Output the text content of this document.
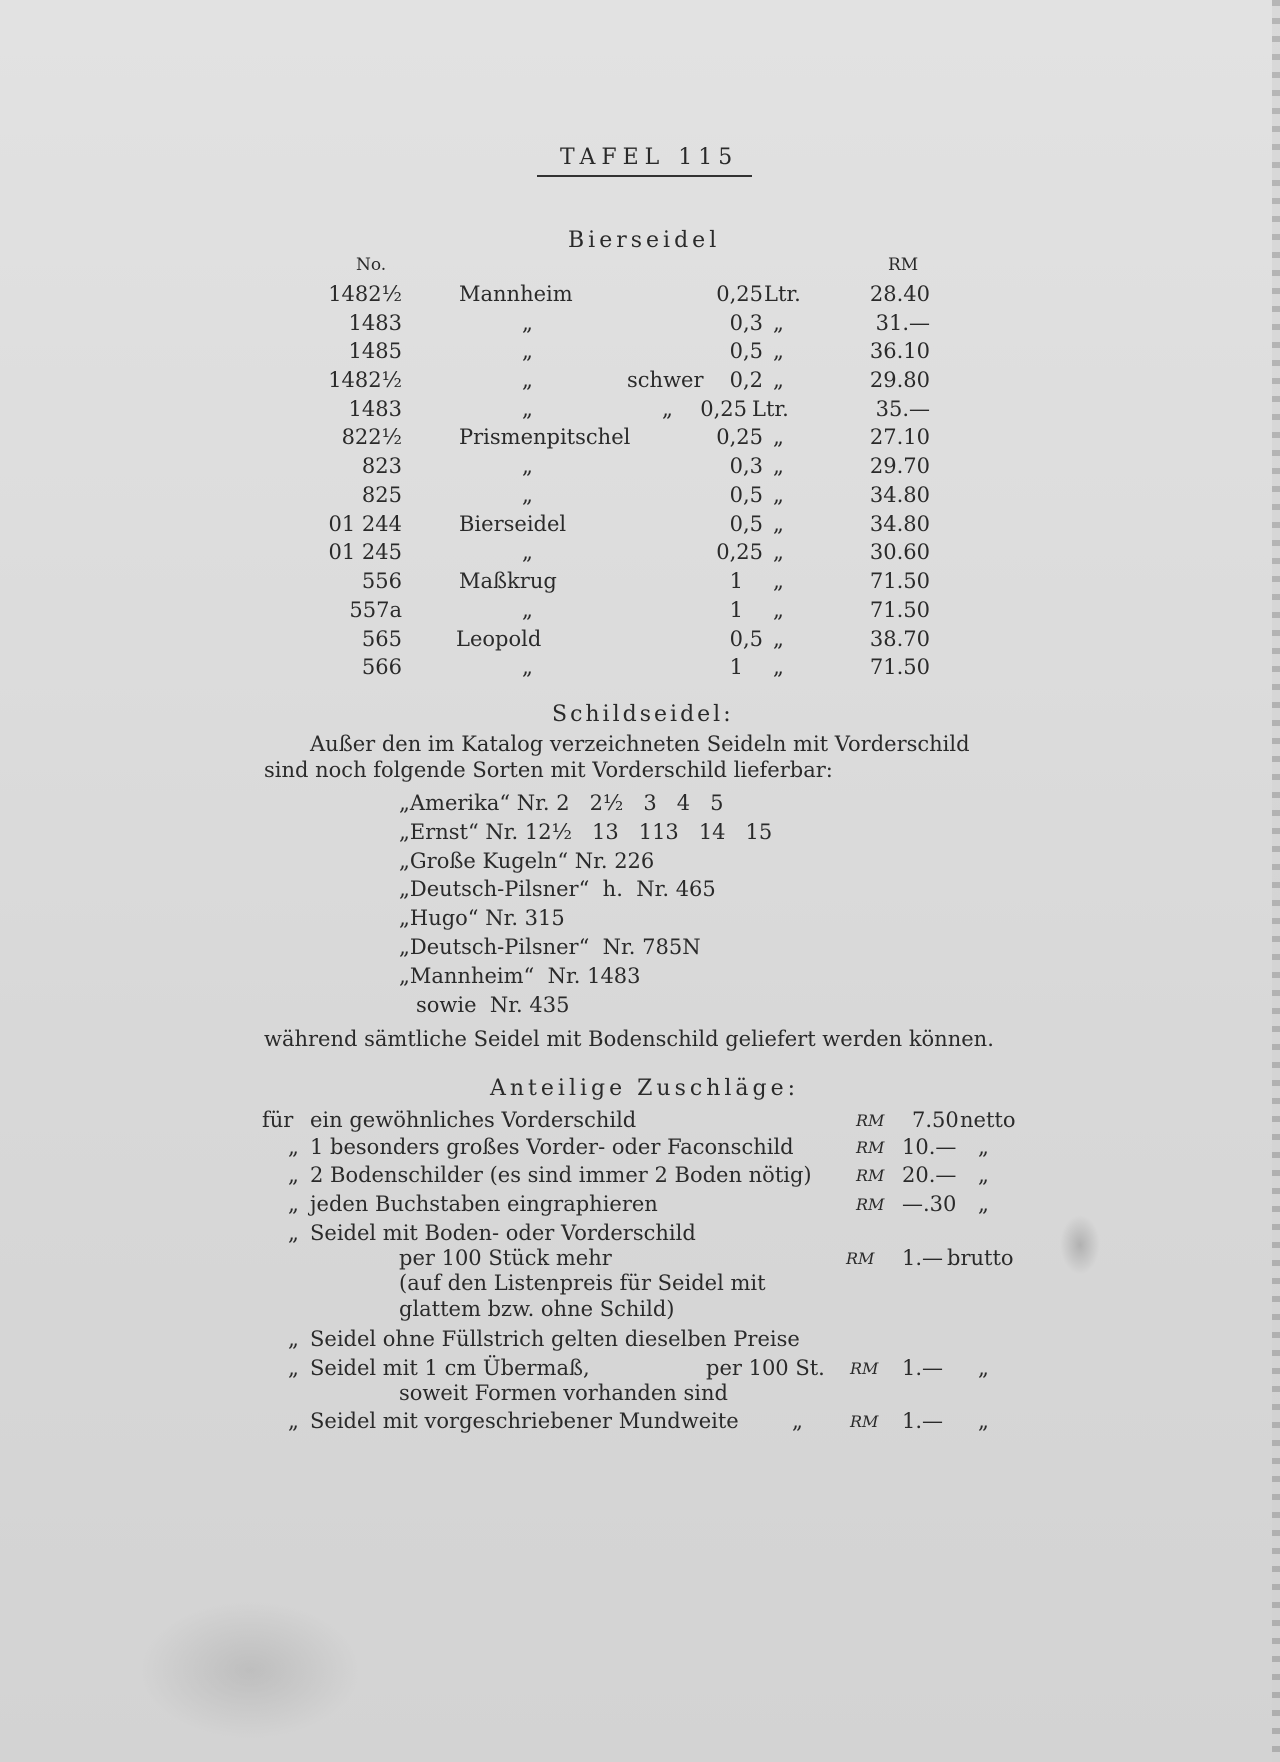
TAFEL 115
Bierseidel
No.	RM
1482½	Mannheim	0,25 Ltr.	28.40
1483	„	0,3 „	31.—
1485	„	0,5 „	36.10
1482½	„	schwer 0,2 „	29.80
1483	„	„ 0,25 Ltr.	35.—
822½	Prismenpitschel	0,25 „	27.10
823	„	0,3 „	29.70
825	„	0,5 „	34.80
01 244	Bierseidel	0,5 „	34.80
01 245	„	0,25 „	30.60
556	Maßkrug	1 „	71.50
557a	„	1 „	71.50
565	Leopold	0,5 „	38.70
566	„	1 „	71.50
Schildseidel:
Außer den im Katalog verzeichneten Seideln mit Vorderschild
sind noch folgende Sorten mit Vorderschild lieferbar:
„Amerika“ Nr. 2   2½   3   4   5
„Ernst“ Nr. 12½   13   113   14   15
„Große Kugeln“ Nr. 226
„Deutsch-Pilsner“  h.  Nr. 465
„Hugo“ Nr. 315
„Deutsch-Pilsner“  Nr. 785N
„Mannheim“  Nr. 1483
sowie  Nr. 435
während sämtliche Seidel mit Bodenschild geliefert werden können.
Anteilige Zuschläge:
für ein gewöhnliches Vorderschild	RM 7.50 netto
„ 1 besonders großes Vorder- oder Faconschild	RM 10.— „
„ 2 Bodenschilder (es sind immer 2 Boden nötig)	RM 20.— „
„ jeden Buchstaben eingraphieren	RM —.30 „
„ Seidel mit Boden- oder Vorderschild
per 100 Stück mehr	RM 1.— brutto
(auf den Listenpreis für Seidel mit
glattem bzw. ohne Schild)
„ Seidel ohne Füllstrich gelten dieselben Preise
„ Seidel mit 1 cm Übermaß,	per 100 St. RM 1.— „
soweit Formen vorhanden sind
„ Seidel mit vorgeschriebener Mundweite	„	RM 1.— „
